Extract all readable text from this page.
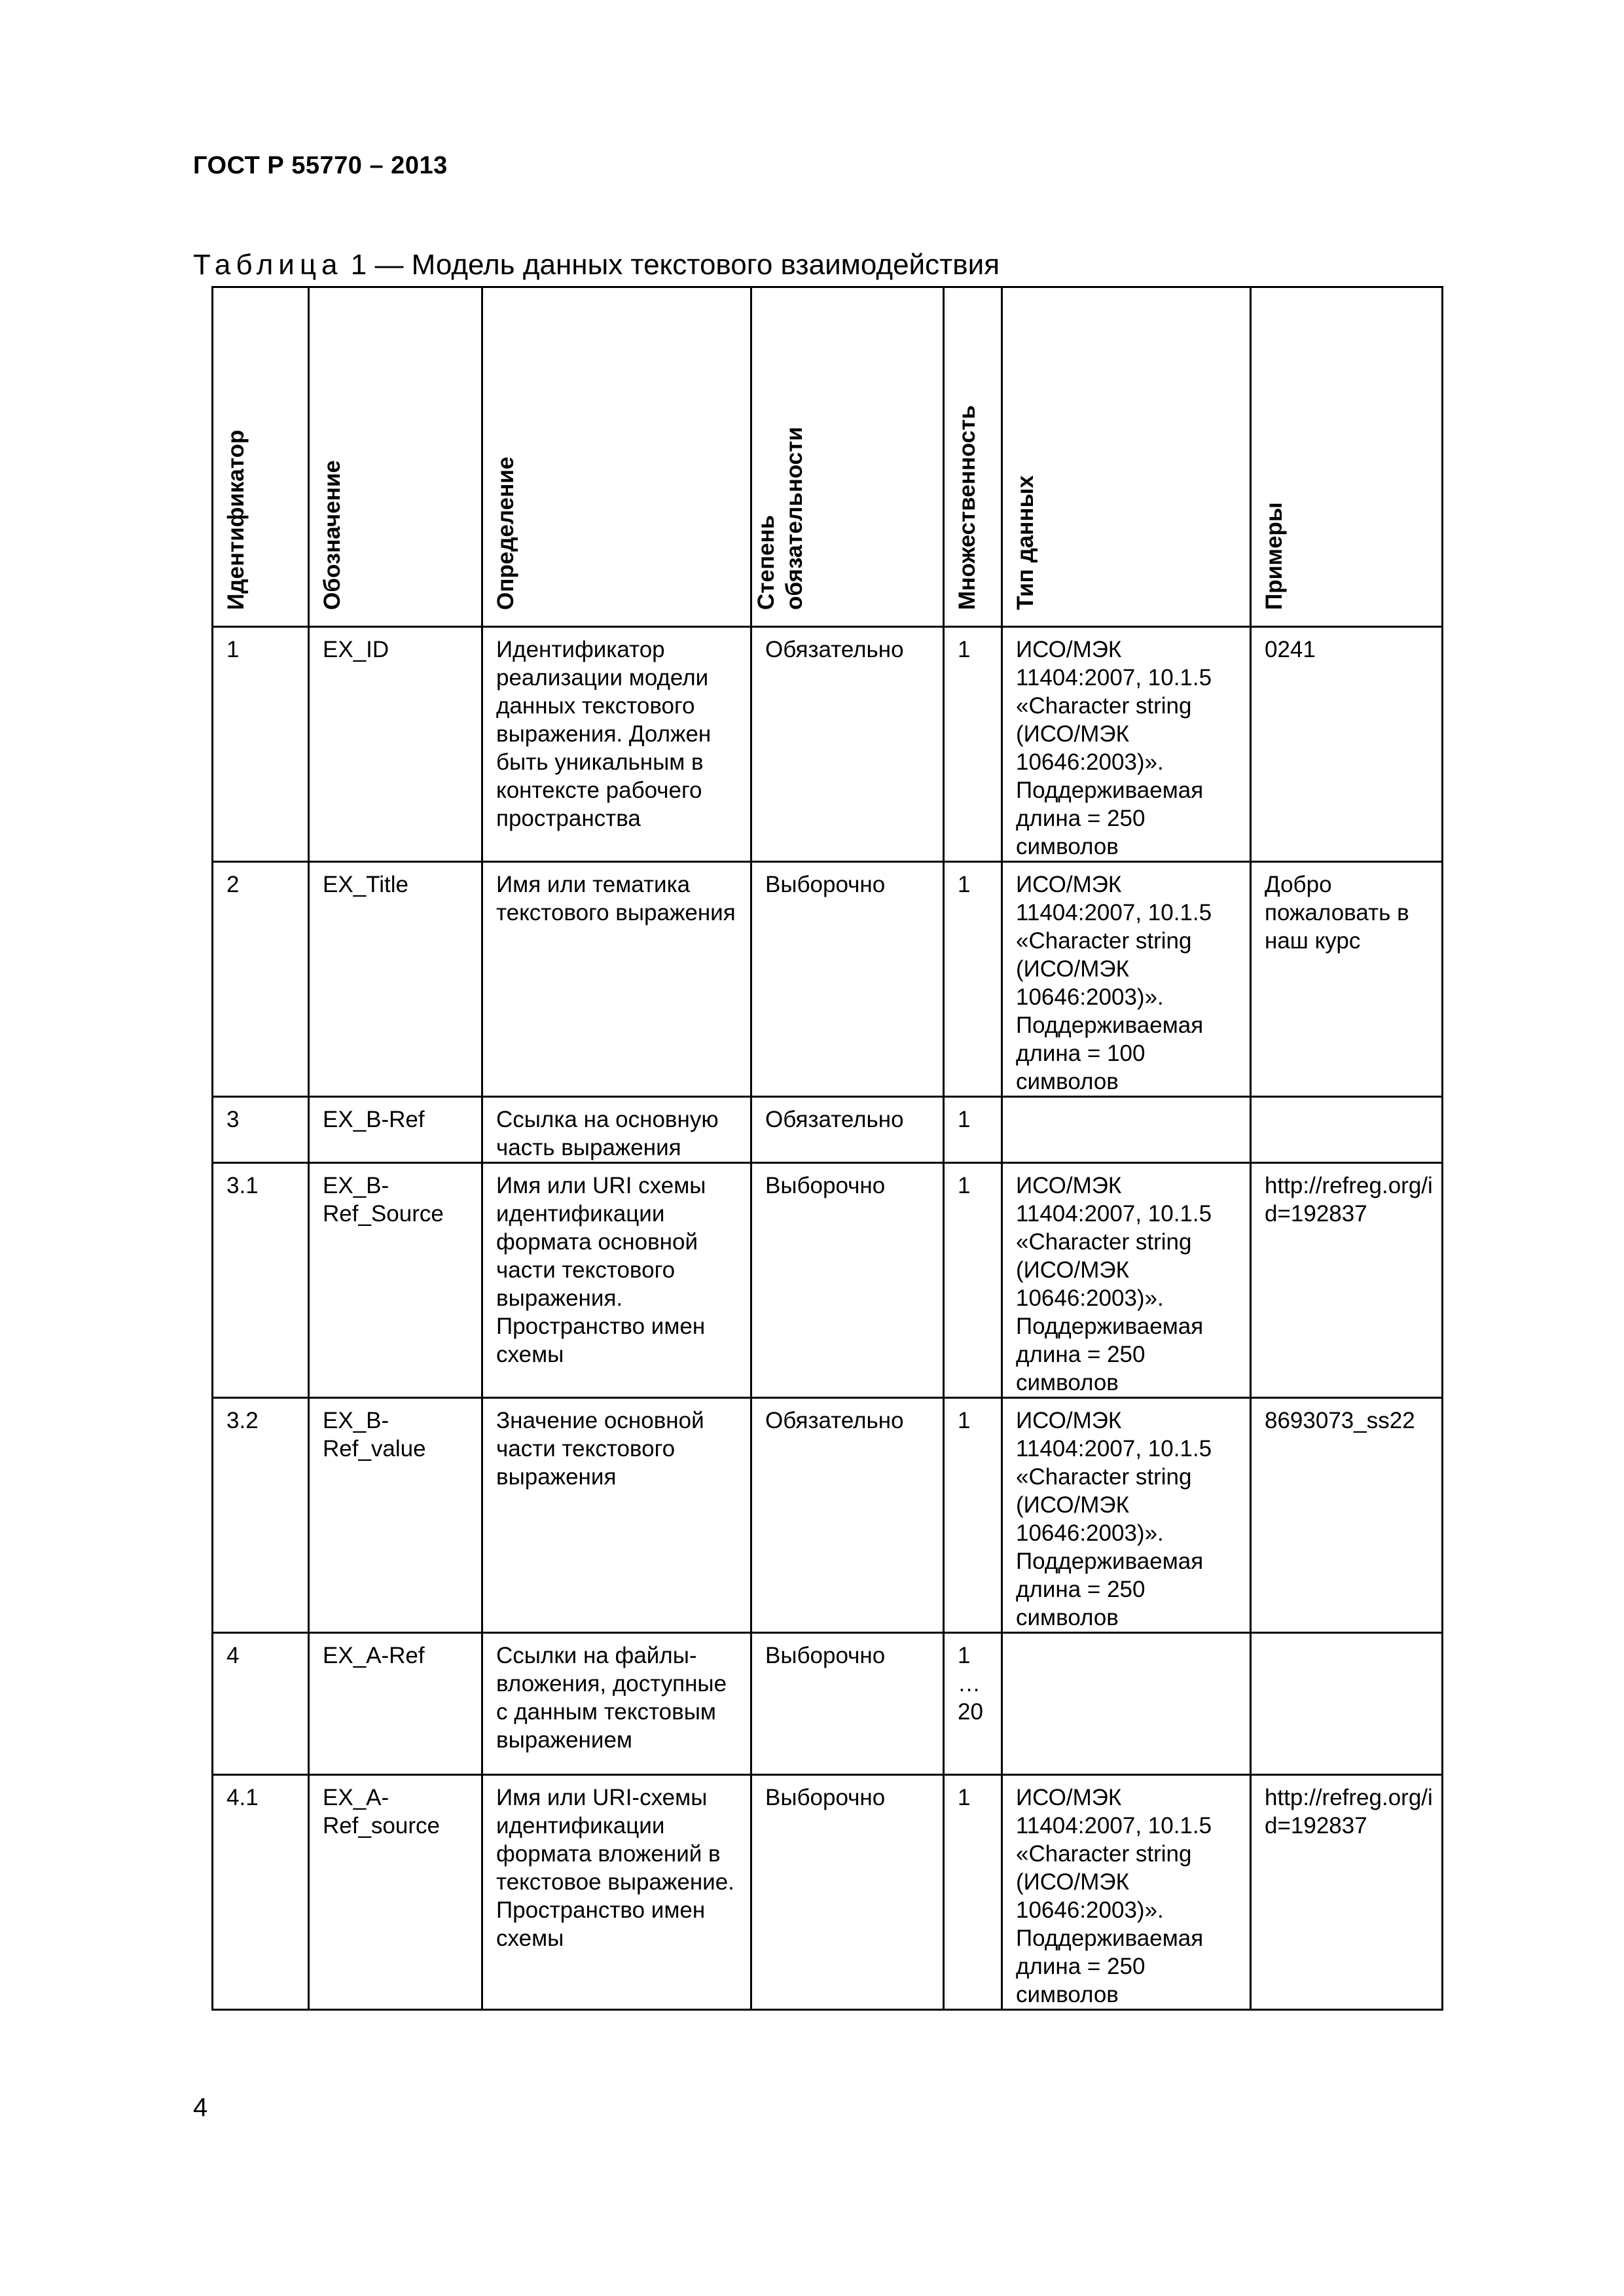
ГОСТ Р 55770 – 2013
Таблица 1 — Модель данных текстового взаимодействия
Идентификатор	Обозначение	Определение	Степень обязательности	Множественность	Тип данных	Примеры

1	EX_ID	Идентификатор реализации модели данных текстового выражения. Должен быть уникальным в контексте рабочего пространства	Обязательно	1	ИСО/МЭК 11404:2007, 10.1.5 «Character string (ИСО/МЭК 10646:2003)». Поддерживаемая длина = 250 символов	0241
2	EX_Title	Имя или тематика текстового выражения	Выборочно	1	ИСО/МЭК 11404:2007, 10.1.5 «Character string (ИСО/МЭК 10646:2003)». Поддерживаемая длина = 100 символов	Добро пожаловать в наш курс
3	EX_B-Ref	Ссылка на основную часть выражения	Обязательно	1		
3.1	EX_B-Ref_Source	Имя или URI схемы идентификации формата основной части текстового выражения. Пространство имен схемы	Выборочно	1	ИСО/МЭК 11404:2007, 10.1.5 «Character string (ИСО/МЭК 10646:2003)». Поддерживаемая длина = 250 символов	http://refreg.org/id=192837
3.2	EX_B-Ref_value	Значение основной части текстового выражения	Обязательно	1	ИСО/МЭК 11404:2007, 10.1.5 «Character string (ИСО/МЭК 10646:2003)». Поддерживаемая длина = 250 символов	8693073_ss22
4	EX_A-Ref	Ссылки на файлы-вложения, доступные с данным текстовым выражением	Выборочно	1…20		
4.1	EX_A-Ref_source	Имя или URI-схемы идентификации формата вложений в текстовое выражение. Пространство имен схемы	Выборочно	1	ИСО/МЭК 11404:2007, 10.1.5 «Character string (ИСО/МЭК 10646:2003)». Поддерживаемая длина = 250 символов	http://refreg.org/id=192837
4
